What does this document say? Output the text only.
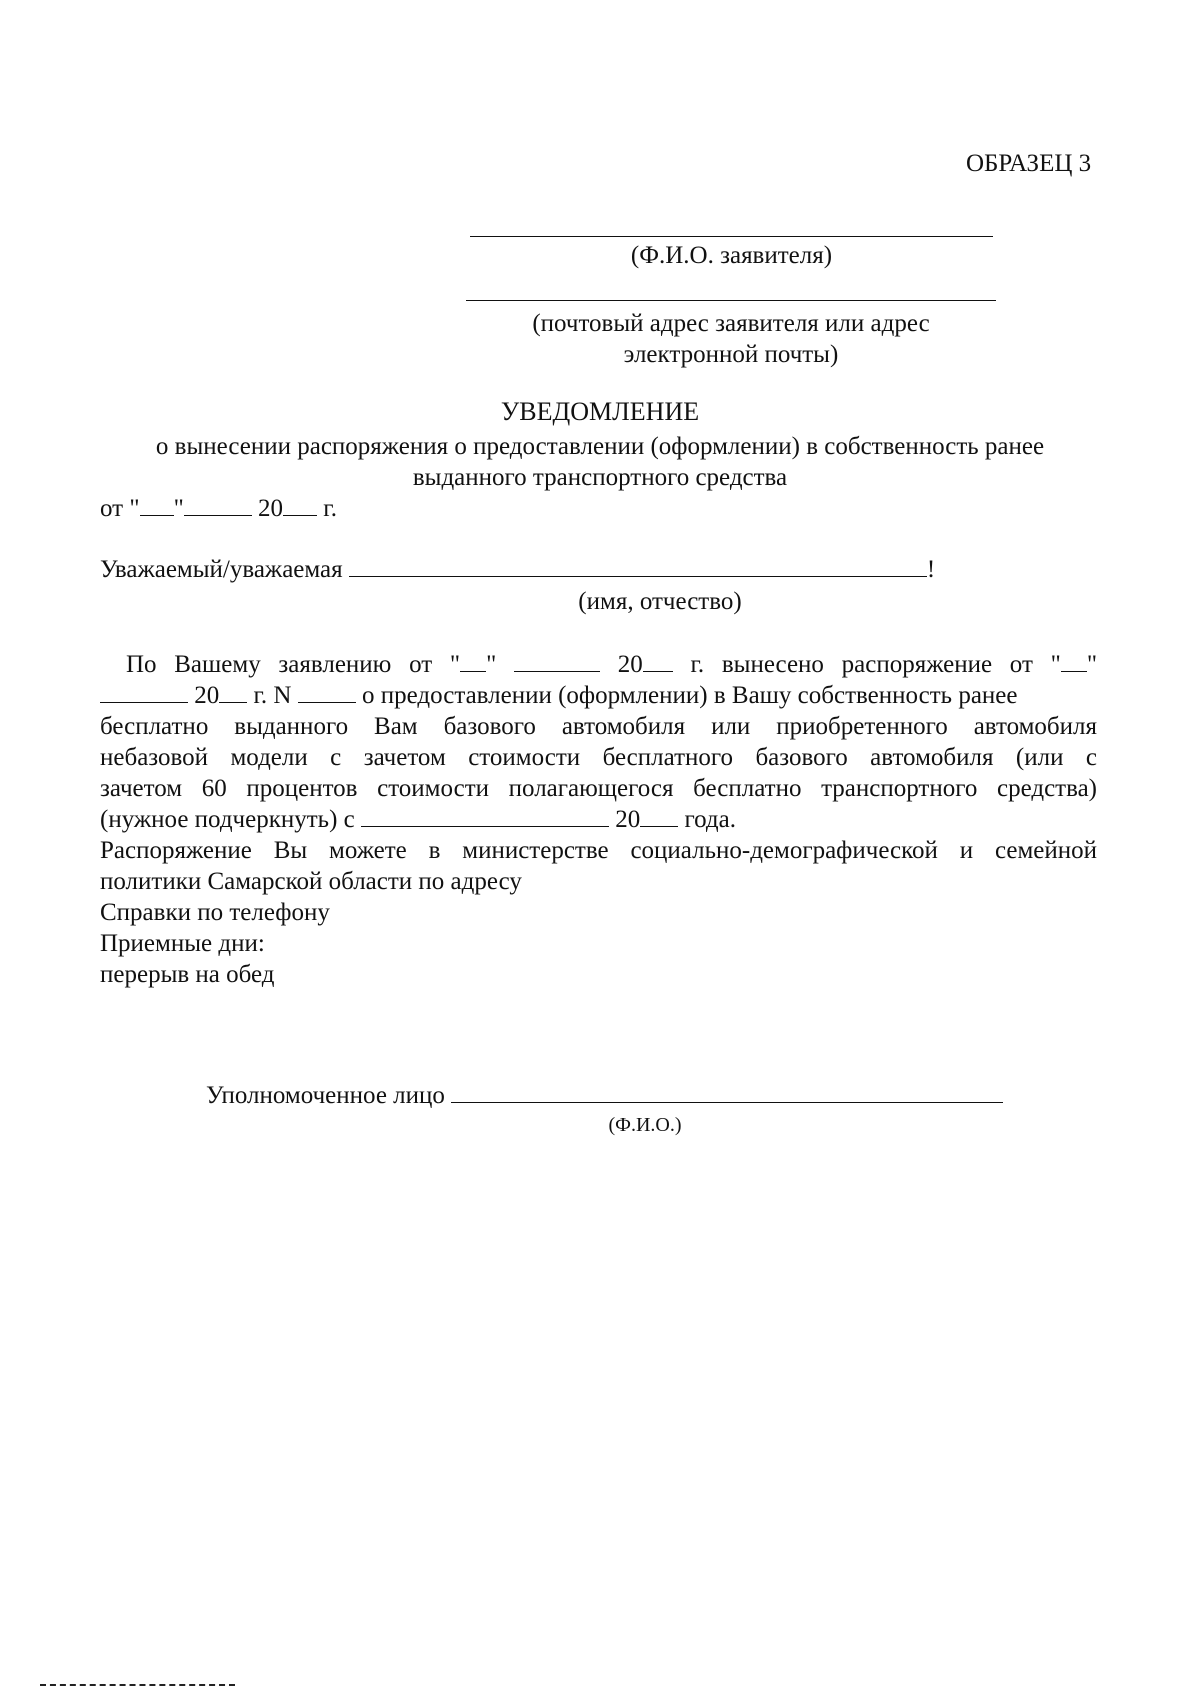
ОБРАЗЕЦ 3
(Ф.И.О. заявителя)
(почтовый адрес заявителя или адрес
электронной почты)
УВЕДОМЛЕНИЕ
о вынесении распоряжения о предоставлении (оформлении) в собственность ранее
выданного транспортного средства
от " "	20 г.
Уважаемый/уважаемая	!
(имя, отчество)
По Вашему заявлению от " "	20 г. вынесено распоряжение от " "
20 г. N	о предоставлении (оформлении) в Вашу собственность ранее
бесплатно выданного Вам базового автомобиля или приобретенного автомобиля
небазовой модели с зачетом стоимости бесплатного базового автомобиля (или с
зачетом 60 процентов стоимости полагающегося бесплатно транспортного средства)
(нужное подчеркнуть) с	20 года.
Распоряжение Вы можете в министерстве социально-демографической и семейной
политики Самарской области по адресу
Справки по телефону
Приемные дни:
перерыв на обед
Уполномоченное лицо
(Ф.И.О.)
